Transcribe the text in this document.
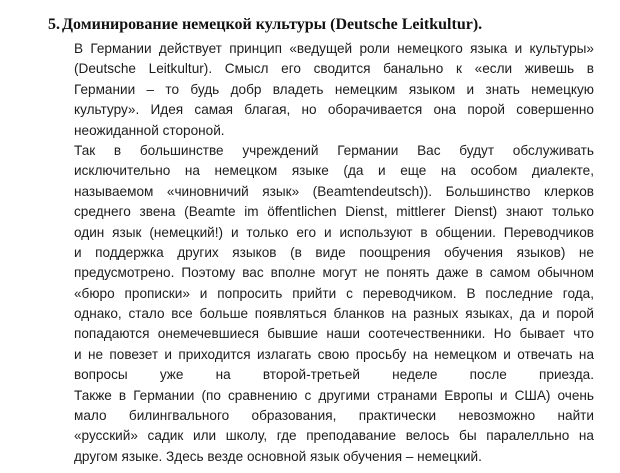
5. Доминирование немецкой культуры (Deutsche Leitkultur).
В Германии действует принцип «ведущей роли немецкого языка и культуры»
(Deutsche Leitkultur). Смысл его сводится банально к «если живешь в
Германии – то будь добр владеть немецким языком и знать немецкую
культуру». Идея самая благая, но оборачивается она порой совершенно
неожиданной стороной.
Так в большинстве учреждений Германии Вас будут обслуживать
исключительно на немецком языке (да и еще на особом диалекте,
называемом «чиновничий язык» (Beamtendeutsch)). Большинство клерков
среднего звена (Beamte im öffentlichen Dienst, mittlerer Dienst) знают только
один язык (немецкий!) и только его и используют в общении. Переводчиков
и поддержка других языков (в виде поощрения обучения языков) не
предусмотрено. Поэтому вас вполне могут не понять даже в самом обычном
«бюро прописки» и попросить прийти с переводчиком. В последние года,
однако, стало все больше появляться бланков на разных языках, да и порой
попадаются онемечевшиеся бывшие наши соотечественники. Но бывает что
и не повезет и приходится излагать свою просьбу на немецком и отвечать на
вопросы уже на второй-третьей неделе после приезда.
Также в Германии (по сравнению с другими странами Европы и США) очень
мало билингвального образования, практически невозможно найти
«русский» садик или школу, где преподавание велось бы паралелльно на
другом языке. Здесь везде основной язык обучения – немецкий.
